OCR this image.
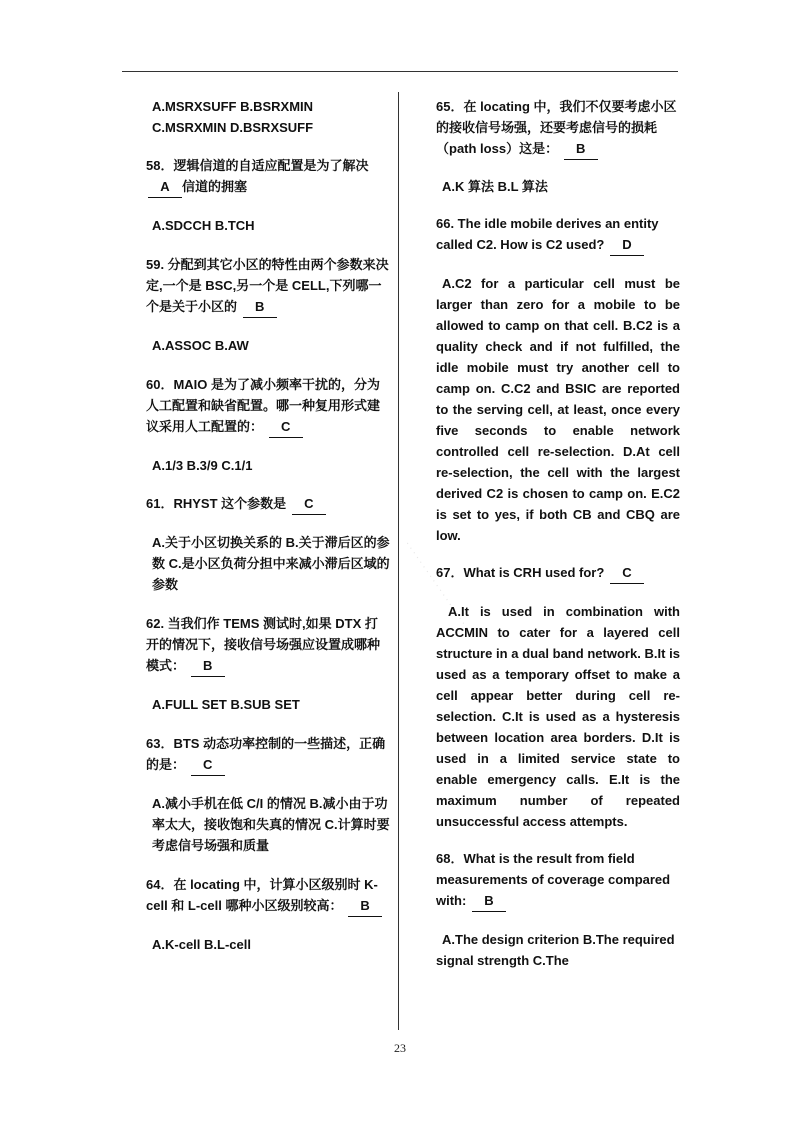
· · · · · · · · · · · · · · · · · · · ·

A.MSRXSUFF B.BSRXMIN C.MSRXMIN D.BSRXSUFF

58．逻辑信道的自适应配置是为了解决 A 信道的拥塞

A.SDCCH B.TCH

59. 分配到其它小区的特性由两个参数来决定,一个是 BSC,另一个是 CELL,下列哪一个是关于小区的 B

A.ASSOC B.AW

60．MAIO 是为了减小频率干扰的，分为人工配置和缺省配置。哪一种复用形式建议采用人工配置的： C

A.1/3 B.3/9 C.1/1

61．RHYST 这个参数是 C

A.关于小区切换关系的 B.关于滞后区的参数 C.是小区负荷分担中来减小滞后区域的参数

62. 当我们作 TEMS 测试时,如果 DTX 打开的情况下，接收信号场强应设置成哪种模式： B

A.FULL SET B.SUB SET

63．BTS 动态功率控制的一些描述，正确的是： C

A.减小手机在低 C/I 的情况 B.减小由于功率太大，接收饱和失真的情况 C.计算时要考虑信号场强和质量

64．在 locating 中，计算小区级别时 K-cell 和 L-cell 哪种小区级别较高： B

A.K-cell B.L-cell

65．在 locating 中，我们不仅要考虑小区的接收信号场强，还要考虑信号的损耗（path loss）这是： B

A.K 算法 B.L 算法

66. The idle mobile derives an entity called C2. How is C2 used? D

A.C2 for a particular cell must be larger than zero for a mobile to be allowed to camp on that cell. B.C2 is a quality check and if not fulfilled, the idle mobile must try another cell to camp on. C.C2 and BSIC are reported to the serving cell, at least, once every five seconds to enable network controlled cell re-selection. D.At cell re-selection, the cell with the largest derived C2 is chosen to camp on. E.C2 is set to yes, if both CB and CBQ are low.

67．What is CRH used for? C

A.It is used in combination with ACCMIN to cater for a layered cell structure in a dual band network. B.It is used as a temporary offset to make a cell appear better during cell re-selection. C.It is used as a hysteresis between location area borders. D.It is used in a limited service state to enable emergency calls. E.It is the maximum number of repeated unsuccessful access attempts.

68．What is the result from field measurements of coverage compared with: B

A.The design criterion B.The required signal strength C.The

23
